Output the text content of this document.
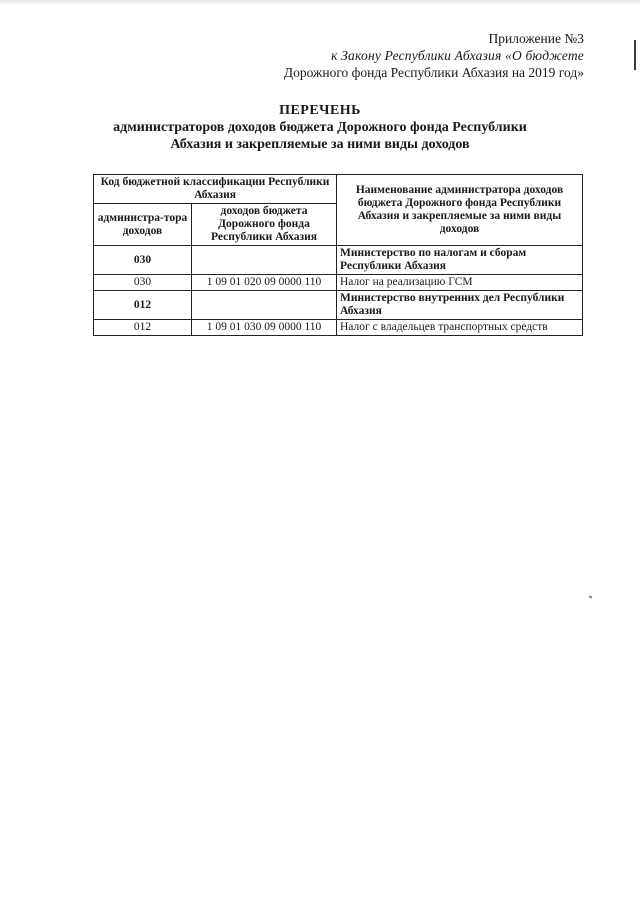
Приложение №3
к Закону Республики Абхазия «О бюджете
Дорожного фонда Республики Абхазия на 2019 год»
ПЕРЕЧЕНЬ
администраторов доходов бюджета Дорожного фонда Республики
Абхазия и закрепляемые за ними виды доходов
Код бюджетной классификации Республики Абхазия		Наименование администратора доходов бюджета Дорожного фонда Республики Абхазия и закрепляемые за ними виды доходов
администра-тора доходов	доходов бюджета Дорожного фонда Республики Абхазия	
030		Министерство по налогам и сборам Республики Абхазия
030	1 09 01 020 09 0000 110	Налог на реализацию ГСМ
012		Министерство внутренних дел Республики Абхазия
012	1 09 01 030 09 0000 110	Налог с владельцев транспортных средств
